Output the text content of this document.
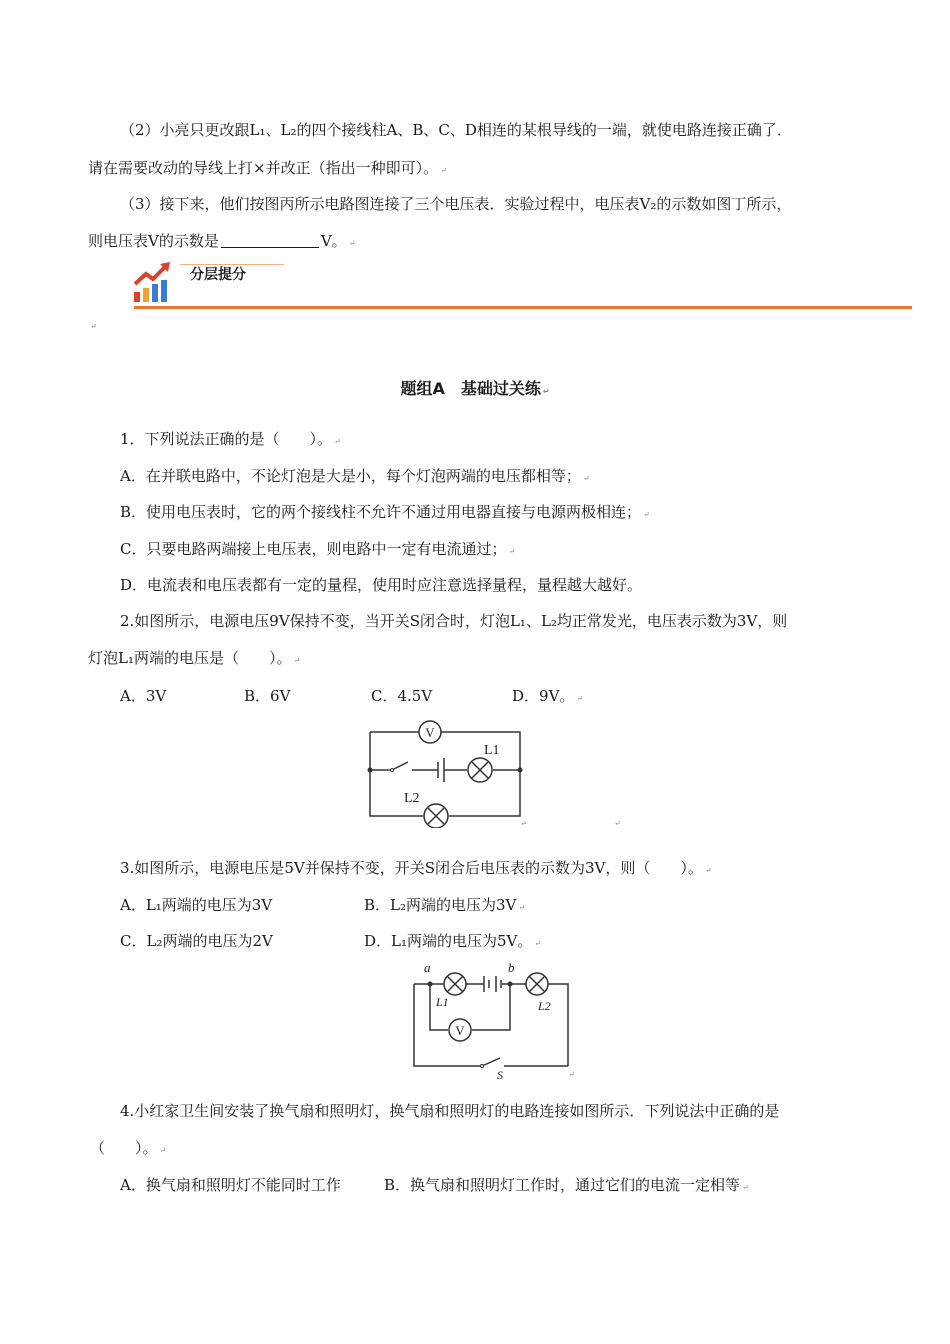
（2）小亮只更改跟L₁、L₂的四个接线柱A、B、C、D相连的某根导线的一端，就使电路连接正确了．
请在需要改动的导线上打×并改正（指出一种即可）。 ↵
（3）接下来，他们按图丙所示电路图连接了三个电压表．实验过程中，电压表V₂的示数如图丁所示，
则电压表V的示数是	V。 ↵
分层提分
↵
题组A　基础过关练 ↵
1．下列说法正确的是（　　）。 ↵
A．在并联电路中，不论灯泡是大是小，每个灯泡两端的电压都相等； ↵
B．使用电压表时，它的两个接线柱不允许不通过用电器直接与电源两极相连； ↵
C．只要电路两端接上电压表，则电路中一定有电流通过； ↵
D．电流表和电压表都有一定的量程，使用时应注意选择量程，量程越大越好。
2.如图所示，电源电压9V保持不变，当开关S闭合时，灯泡L₁、L₂均正常发光，电压表示数为3V，则
灯泡L₁两端的电压是（　　）。 ↵
A．3V	B．6V	C．4.5V	D．9V。 ↵
V
L1
L2
↵	↵
3.如图所示，电源电压是5V并保持不变，开关S闭合后电压表的示数为3V，则（　　）。 ↵
A．L₁两端的电压为3V	B．L₂两端的电压为3V ↵
C．L₂两端的电压为2V	D．L₁两端的电压为5V。 ↵
V
a	b
L1	L2
S	↵
4.小红家卫生间安装了换气扇和照明灯，换气扇和照明灯的电路连接如图所示．下列说法中正确的是
（　　）。 ↵
A．换气扇和照明灯不能同时工作	B．换气扇和照明灯工作时，通过它们的电流一定相等 ↵
